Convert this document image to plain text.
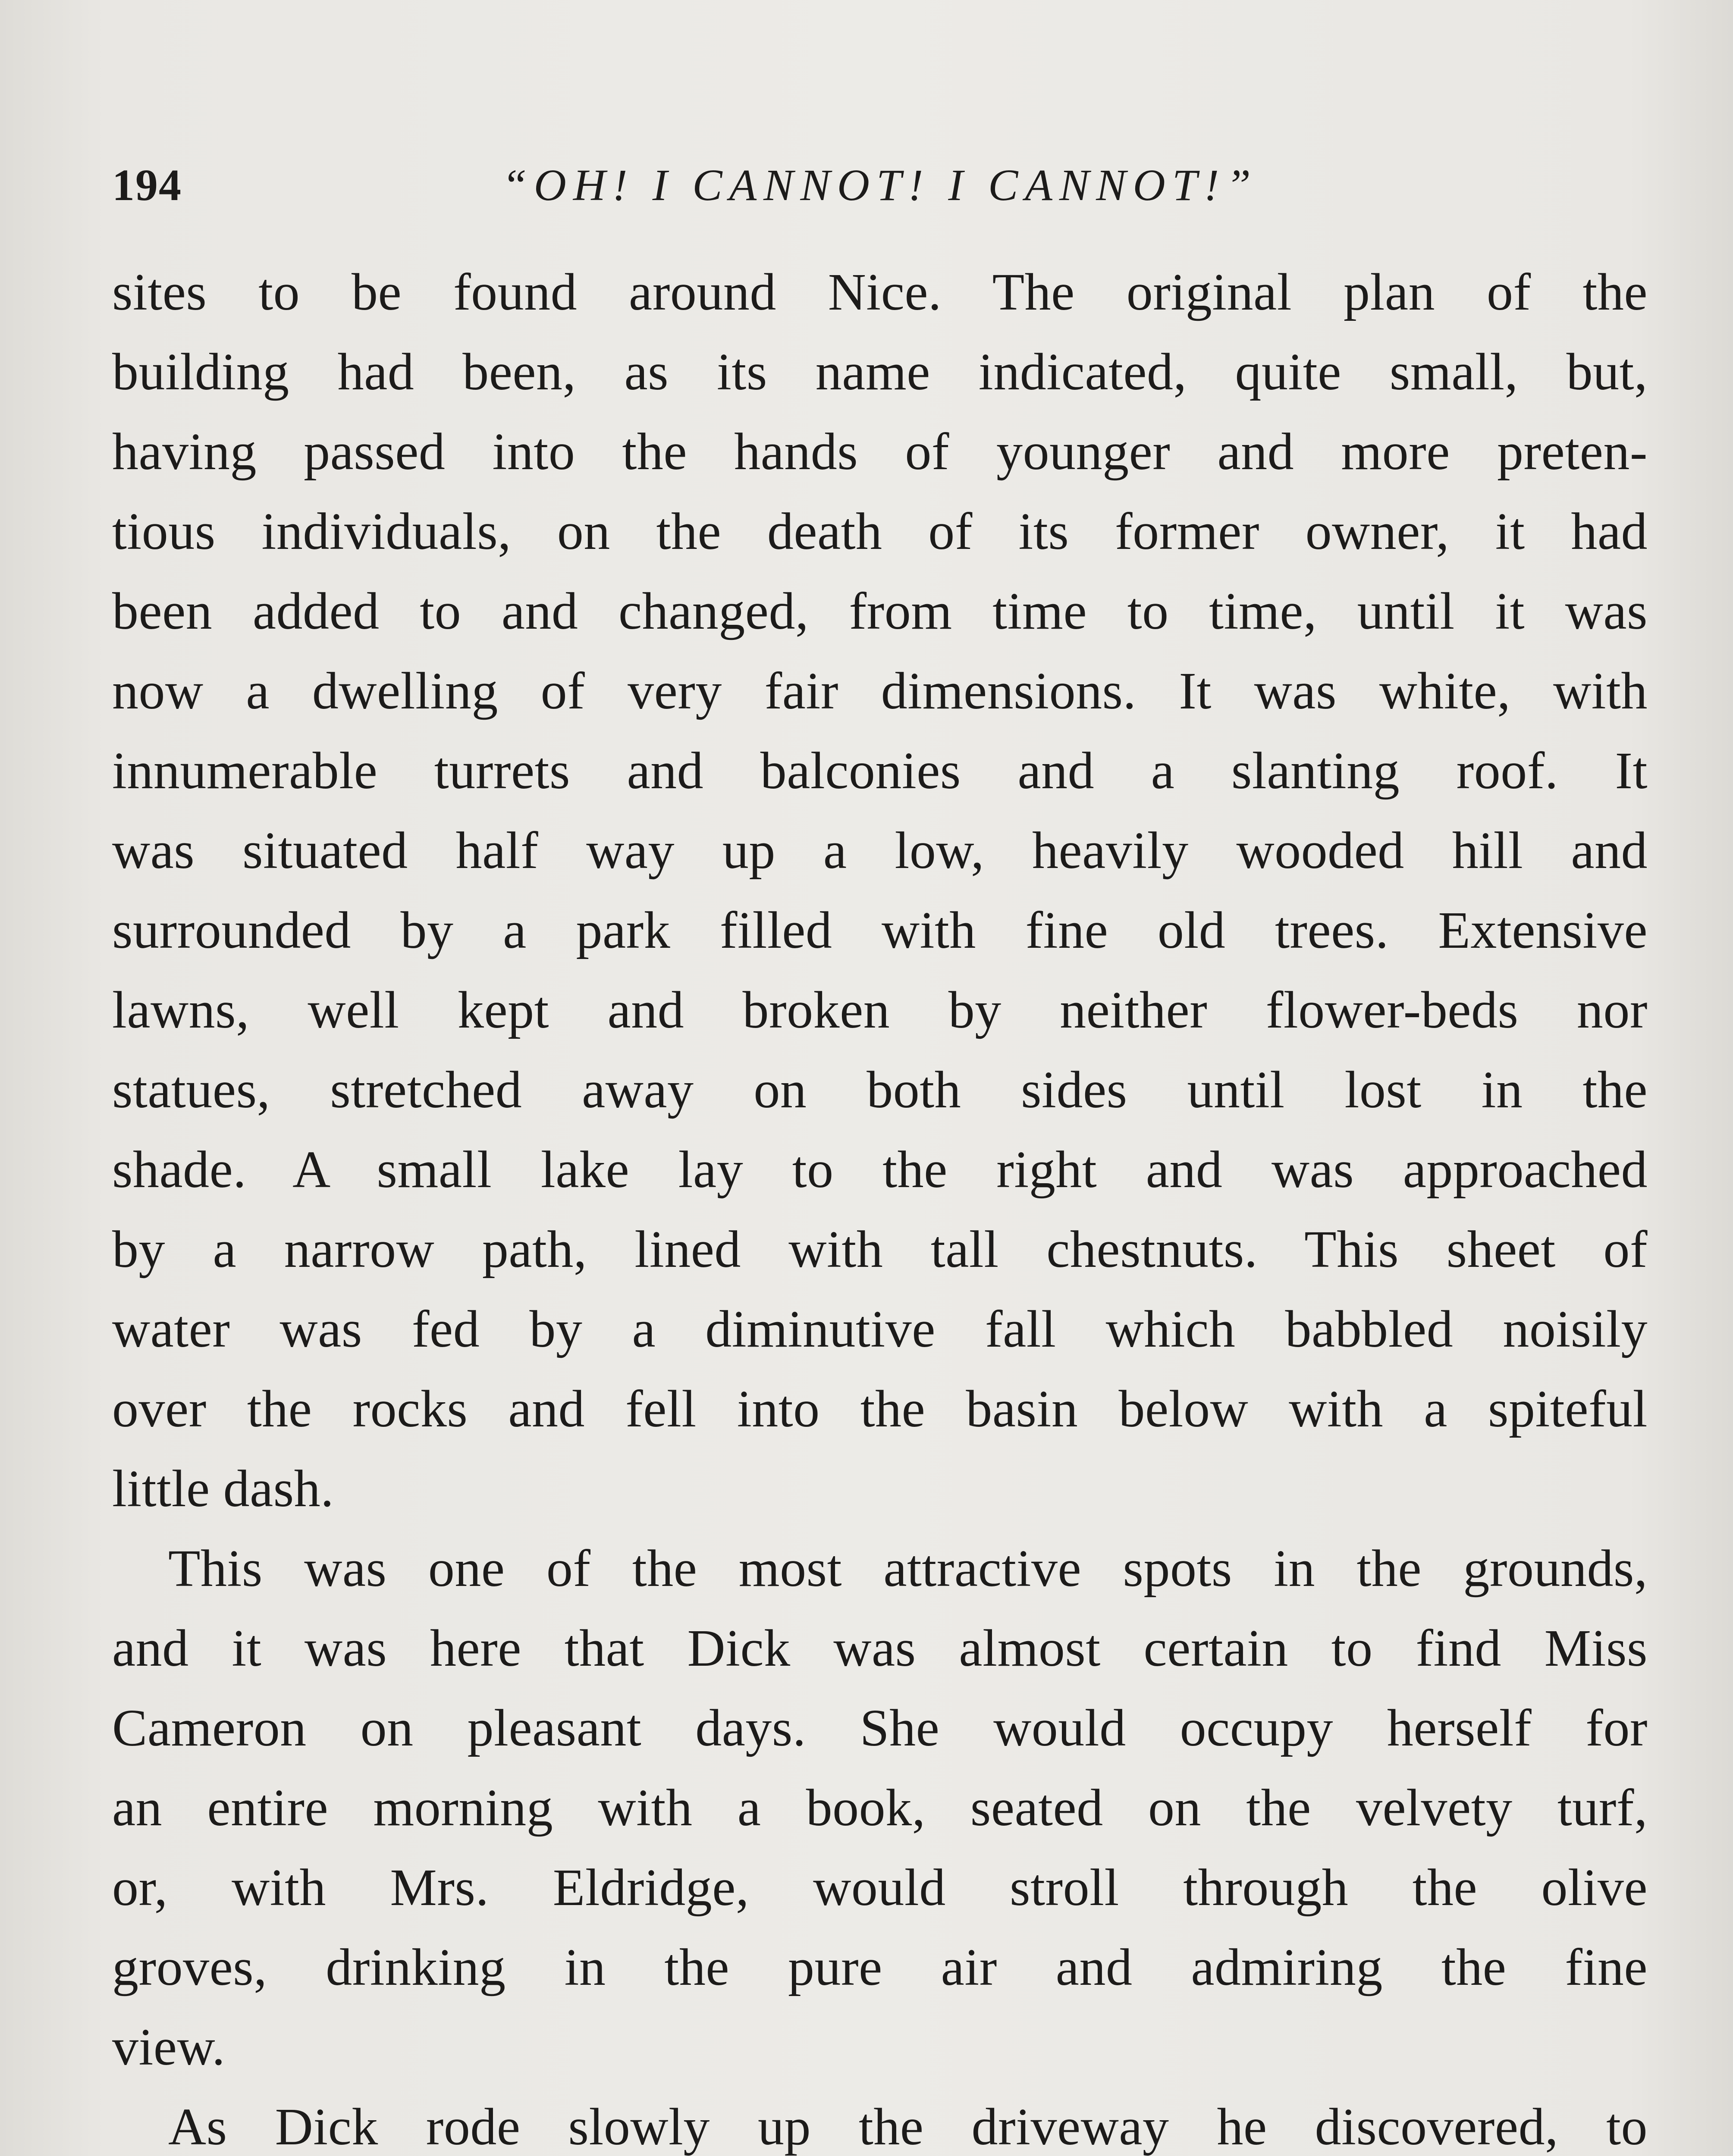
194	“OH! I CANNOT! I CANNOT!”
sites to be found around Nice. The original plan of the
building had been, as its name indicated, quite small, but,
having passed into the hands of younger and more preten-
tious individuals, on the death of its former owner, it had
been added to and changed, from time to time, until it was
now a dwelling of very fair dimensions. It was white, with
innumerable turrets and balconies and a slanting roof. It
was situated half way up a low, heavily wooded hill and
surrounded by a park filled with fine old trees. Extensive
lawns, well kept and broken by neither flower-beds nor
statues, stretched away on both sides until lost in the
shade. A small lake lay to the right and was approached
by a narrow path, lined with tall chestnuts. This sheet of
water was fed by a diminutive fall which babbled noisily
over the rocks and fell into the basin below with a spiteful
little dash.
This was one of the most attractive spots in the grounds,
and it was here that Dick was almost certain to find Miss
Cameron on pleasant days. She would occupy herself for
an entire morning with a book, seated on the velvety turf,
or, with Mrs. Eldridge, would stroll through the olive
groves, drinking in the pure air and admiring the fine
view.
As Dick rode slowly up the driveway he discovered, to
